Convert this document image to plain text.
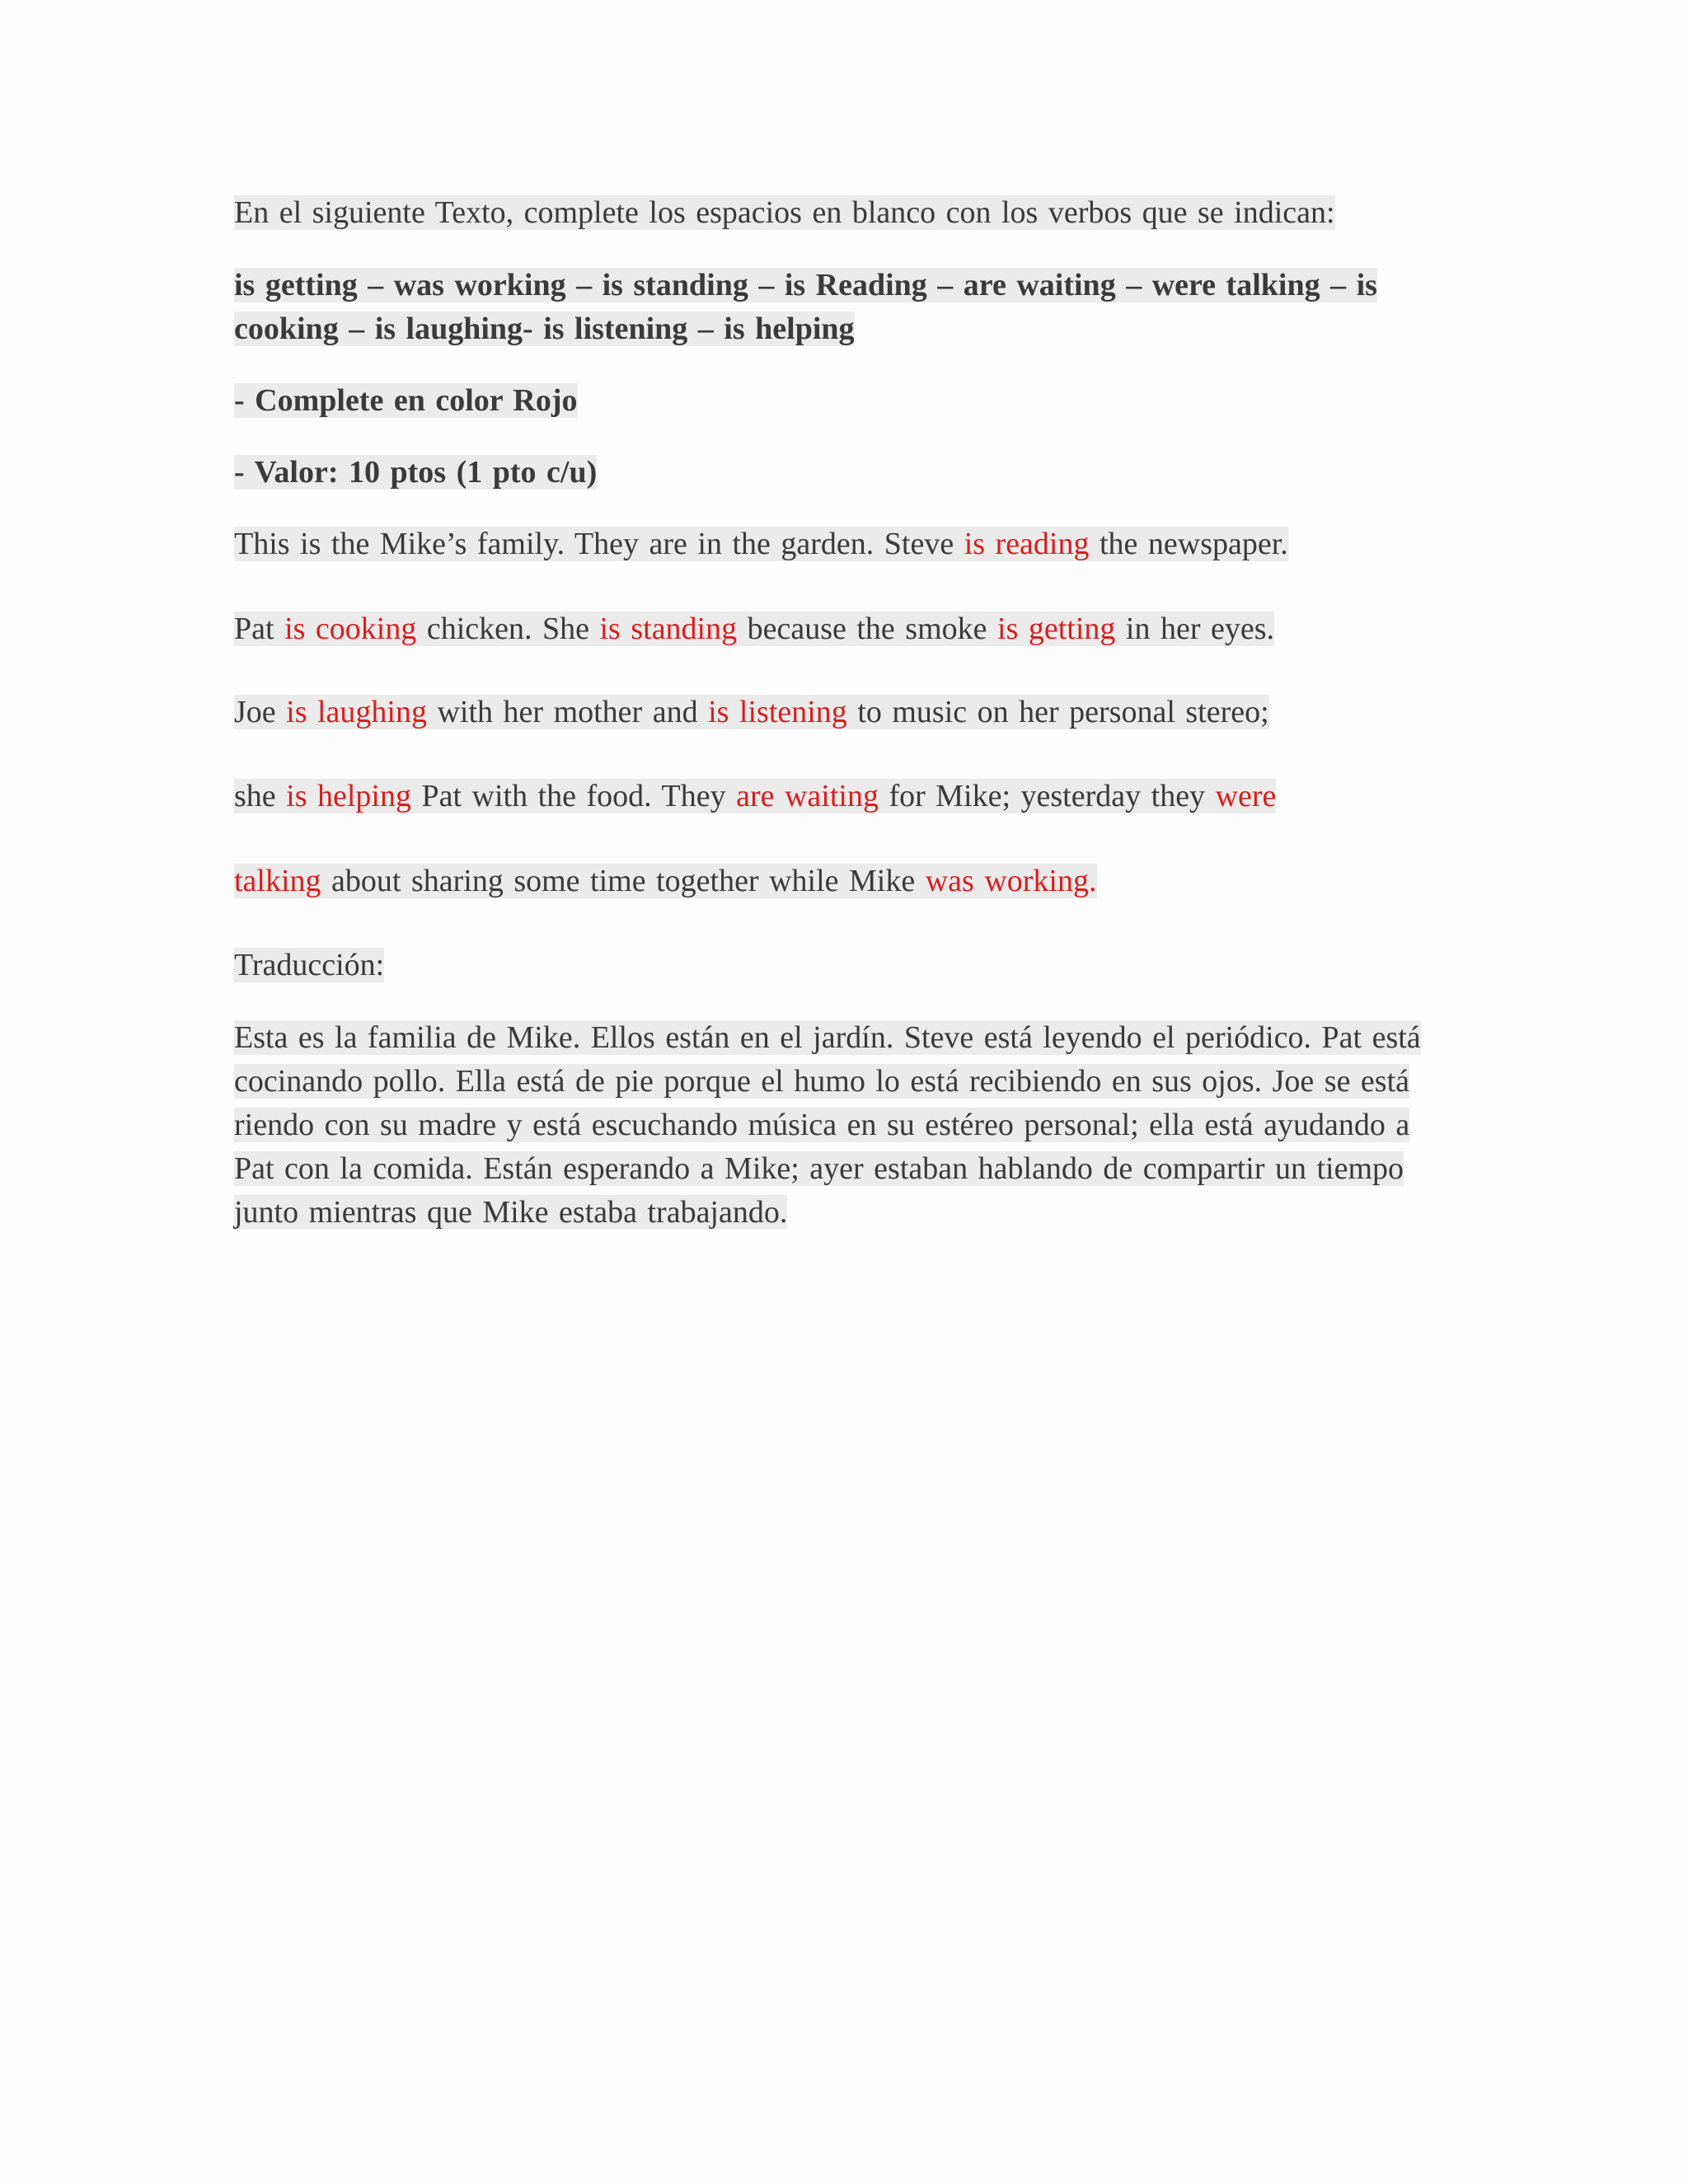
En el siguiente Texto, complete los espacios en blanco con los verbos que se indican:
is getting – was working – is standing – is Reading – are waiting – were talking – is
cooking – is laughing- is listening – is helping
- Complete en color Rojo
- Valor: 10 ptos (1 pto c/u)
This is the Mike’s family. They are in the garden. Steve is reading the newspaper.
Pat is cooking chicken. She is standing because the smoke is getting in her eyes.
Joe is laughing with her mother and is listening to music on her personal stereo;
she is helping Pat with the food. They are waiting for Mike; yesterday they were
talking about sharing some time together while Mike was working.
Traducción:
Esta es la familia de Mike. Ellos están en el jardín. Steve está leyendo el periódico. Pat está
cocinando pollo. Ella está de pie porque el humo lo está recibiendo en sus ojos. Joe se está
riendo con su madre y está escuchando música en su estéreo personal; ella está ayudando a
Pat con la comida. Están esperando a Mike; ayer estaban hablando de compartir un tiempo
junto mientras que Mike estaba trabajando.
